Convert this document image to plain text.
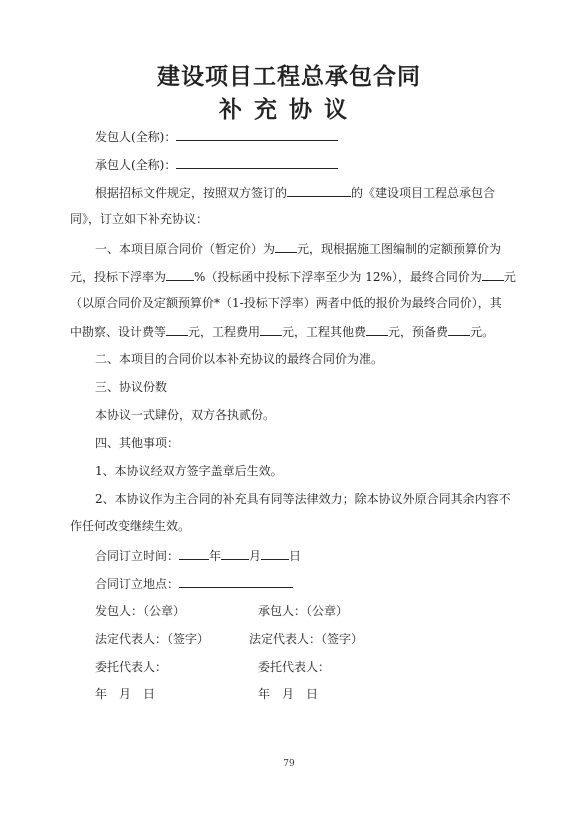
建设项目工程总承包合同
补充协议
发包人(全称)：
承包人(全称)：
根据招标文件规定，按照双方签订的	的《建设项目工程总承包合
同》，订立如下补充协议：
一、本项目原合同价（暂定价）为 元，现根据施工图编制的定额预算价为
元，投标下浮率为 %（投标函中投标下浮率至少为 12%），最终合同价为 元
（以原合同价及定额预算价*（1-投标下浮率）两者中低的报价为最终合同价），其
中勘察、设计费等 元，工程费用 元，工程其他费 元，预备费 元。
二、本项目的合同价以本补充协议的最终合同价为准。
三、协议份数
本协议一式肆份，双方各执贰份。
四、其他事项：
1、本协议经双方签字盖章后生效。
2、本协议作为主合同的补充具有同等法律效力；除本协议外原合同其余内容不
作任何改变继续生效。
合同订立时间：	年 月 日
合同订立地点：
发包人：（公章）	承包人：（公章）
法定代表人：（签字）	法定代表人：（签字）
委托代表人：	委托代表人：
年　月　日	年　月　日
79
